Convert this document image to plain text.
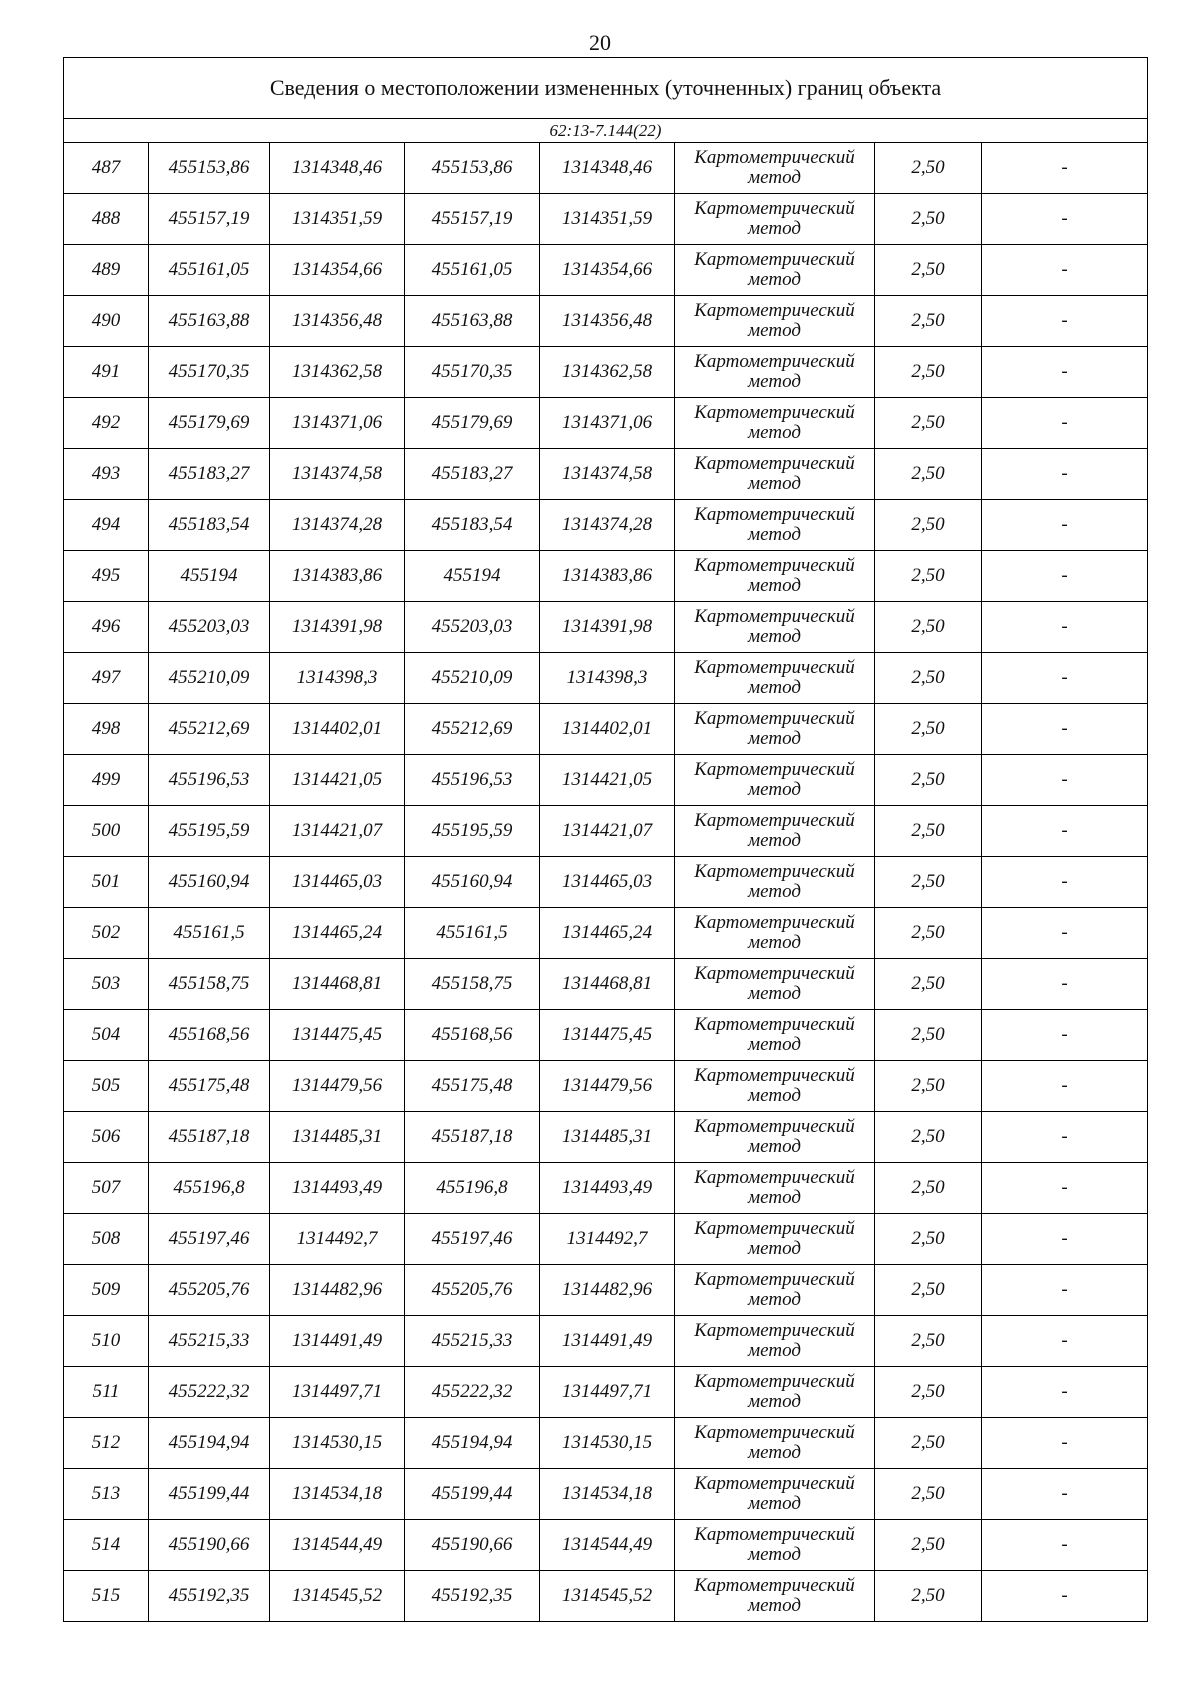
20
Сведения о местоположении измененных (уточненных) границ объекта							
62:13-7.144(22)							
487	455153,86	1314348,46	455153,86	1314348,46	Картометрический
метод	2,50	-
488	455157,19	1314351,59	455157,19	1314351,59	Картометрический
метод	2,50	-
489	455161,05	1314354,66	455161,05	1314354,66	Картометрический
метод	2,50	-
490	455163,88	1314356,48	455163,88	1314356,48	Картометрический
метод	2,50	-
491	455170,35	1314362,58	455170,35	1314362,58	Картометрический
метод	2,50	-
492	455179,69	1314371,06	455179,69	1314371,06	Картометрический
метод	2,50	-
493	455183,27	1314374,58	455183,27	1314374,58	Картометрический
метод	2,50	-
494	455183,54	1314374,28	455183,54	1314374,28	Картометрический
метод	2,50	-
495	455194	1314383,86	455194	1314383,86	Картометрический
метод	2,50	-
496	455203,03	1314391,98	455203,03	1314391,98	Картометрический
метод	2,50	-
497	455210,09	1314398,3	455210,09	1314398,3	Картометрический
метод	2,50	-
498	455212,69	1314402,01	455212,69	1314402,01	Картометрический
метод	2,50	-
499	455196,53	1314421,05	455196,53	1314421,05	Картометрический
метод	2,50	-
500	455195,59	1314421,07	455195,59	1314421,07	Картометрический
метод	2,50	-
501	455160,94	1314465,03	455160,94	1314465,03	Картометрический
метод	2,50	-
502	455161,5	1314465,24	455161,5	1314465,24	Картометрический
метод	2,50	-
503	455158,75	1314468,81	455158,75	1314468,81	Картометрический
метод	2,50	-
504	455168,56	1314475,45	455168,56	1314475,45	Картометрический
метод	2,50	-
505	455175,48	1314479,56	455175,48	1314479,56	Картометрический
метод	2,50	-
506	455187,18	1314485,31	455187,18	1314485,31	Картометрический
метод	2,50	-
507	455196,8	1314493,49	455196,8	1314493,49	Картометрический
метод	2,50	-
508	455197,46	1314492,7	455197,46	1314492,7	Картометрический
метод	2,50	-
509	455205,76	1314482,96	455205,76	1314482,96	Картометрический
метод	2,50	-
510	455215,33	1314491,49	455215,33	1314491,49	Картометрический
метод	2,50	-
511	455222,32	1314497,71	455222,32	1314497,71	Картометрический
метод	2,50	-
512	455194,94	1314530,15	455194,94	1314530,15	Картометрический
метод	2,50	-
513	455199,44	1314534,18	455199,44	1314534,18	Картометрический
метод	2,50	-
514	455190,66	1314544,49	455190,66	1314544,49	Картометрический
метод	2,50	-
515	455192,35	1314545,52	455192,35	1314545,52	Картометрический
метод	2,50	-
